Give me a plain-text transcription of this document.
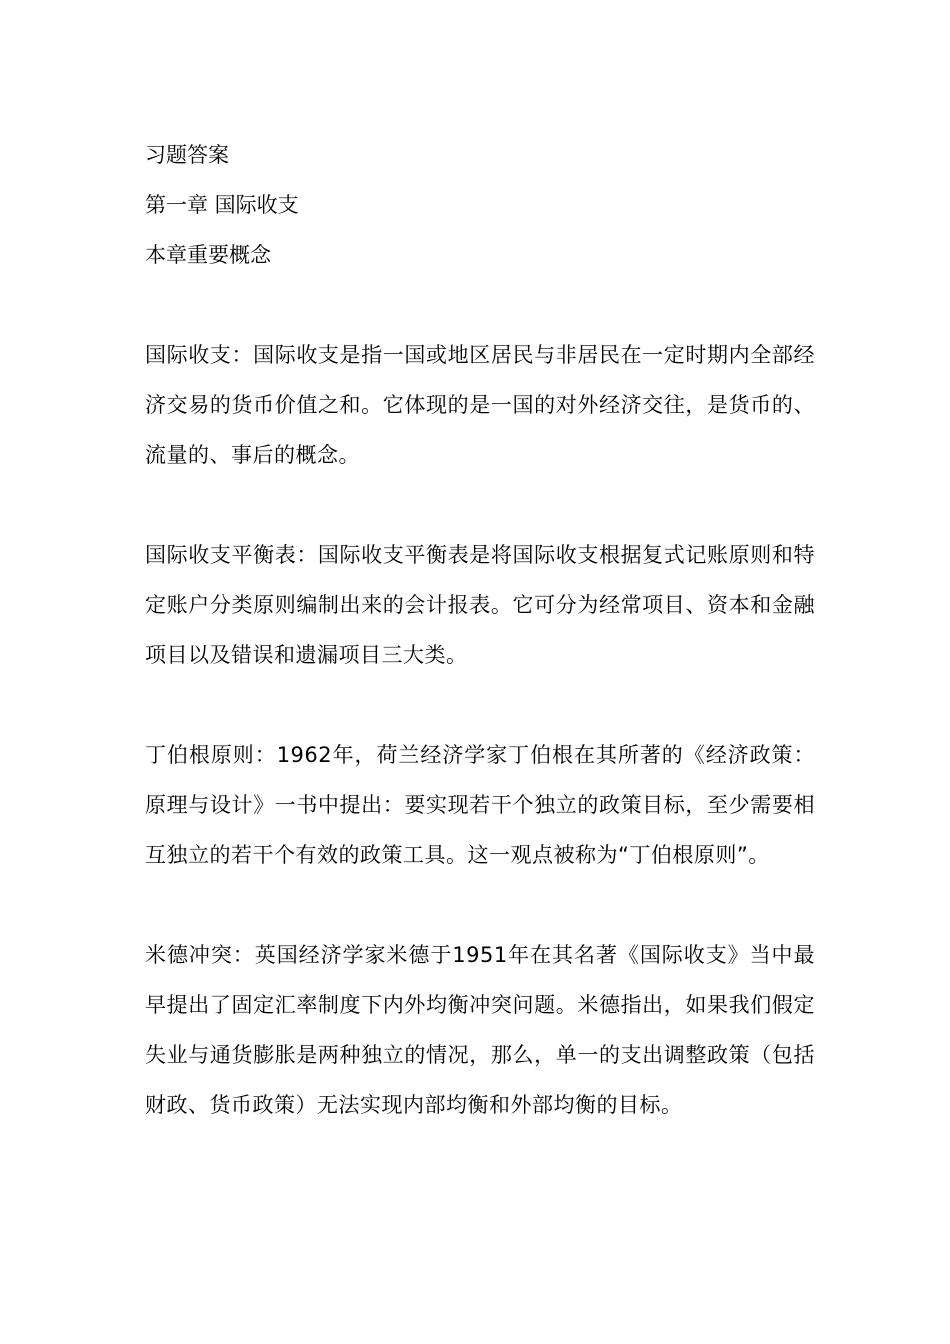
习题答案
第一章 国际收支
本章重要概念

国际收支：国际收支是指一国或地区居民与非居民在一定时期内全部经济交易的货币价值之和。它体现的是一国的对外经济交往，是货币的、流量的、事后的概念。

国际收支平衡表：国际收支平衡表是将国际收支根据复式记账原则和特定账户分类原则编制出来的会计报表。它可分为经常项目、资本和金融项目以及错误和遗漏项目三大类。

丁伯根原则：1962年，荷兰经济学家丁伯根在其所著的《经济政策：原理与设计》一书中提出：要实现若干个独立的政策目标，至少需要相互独立的若干个有效的政策工具。这一观点被称为“丁伯根原则”。

米德冲突：英国经济学家米德于1951年在其名著《国际收支》当中最早提出了固定汇率制度下内外均衡冲突问题。米德指出，如果我们假定失业与通货膨胀是两种独立的情况，那么，单一的支出调整政策（包括财政、货币政策）无法实现内部均衡和外部均衡的目标。
